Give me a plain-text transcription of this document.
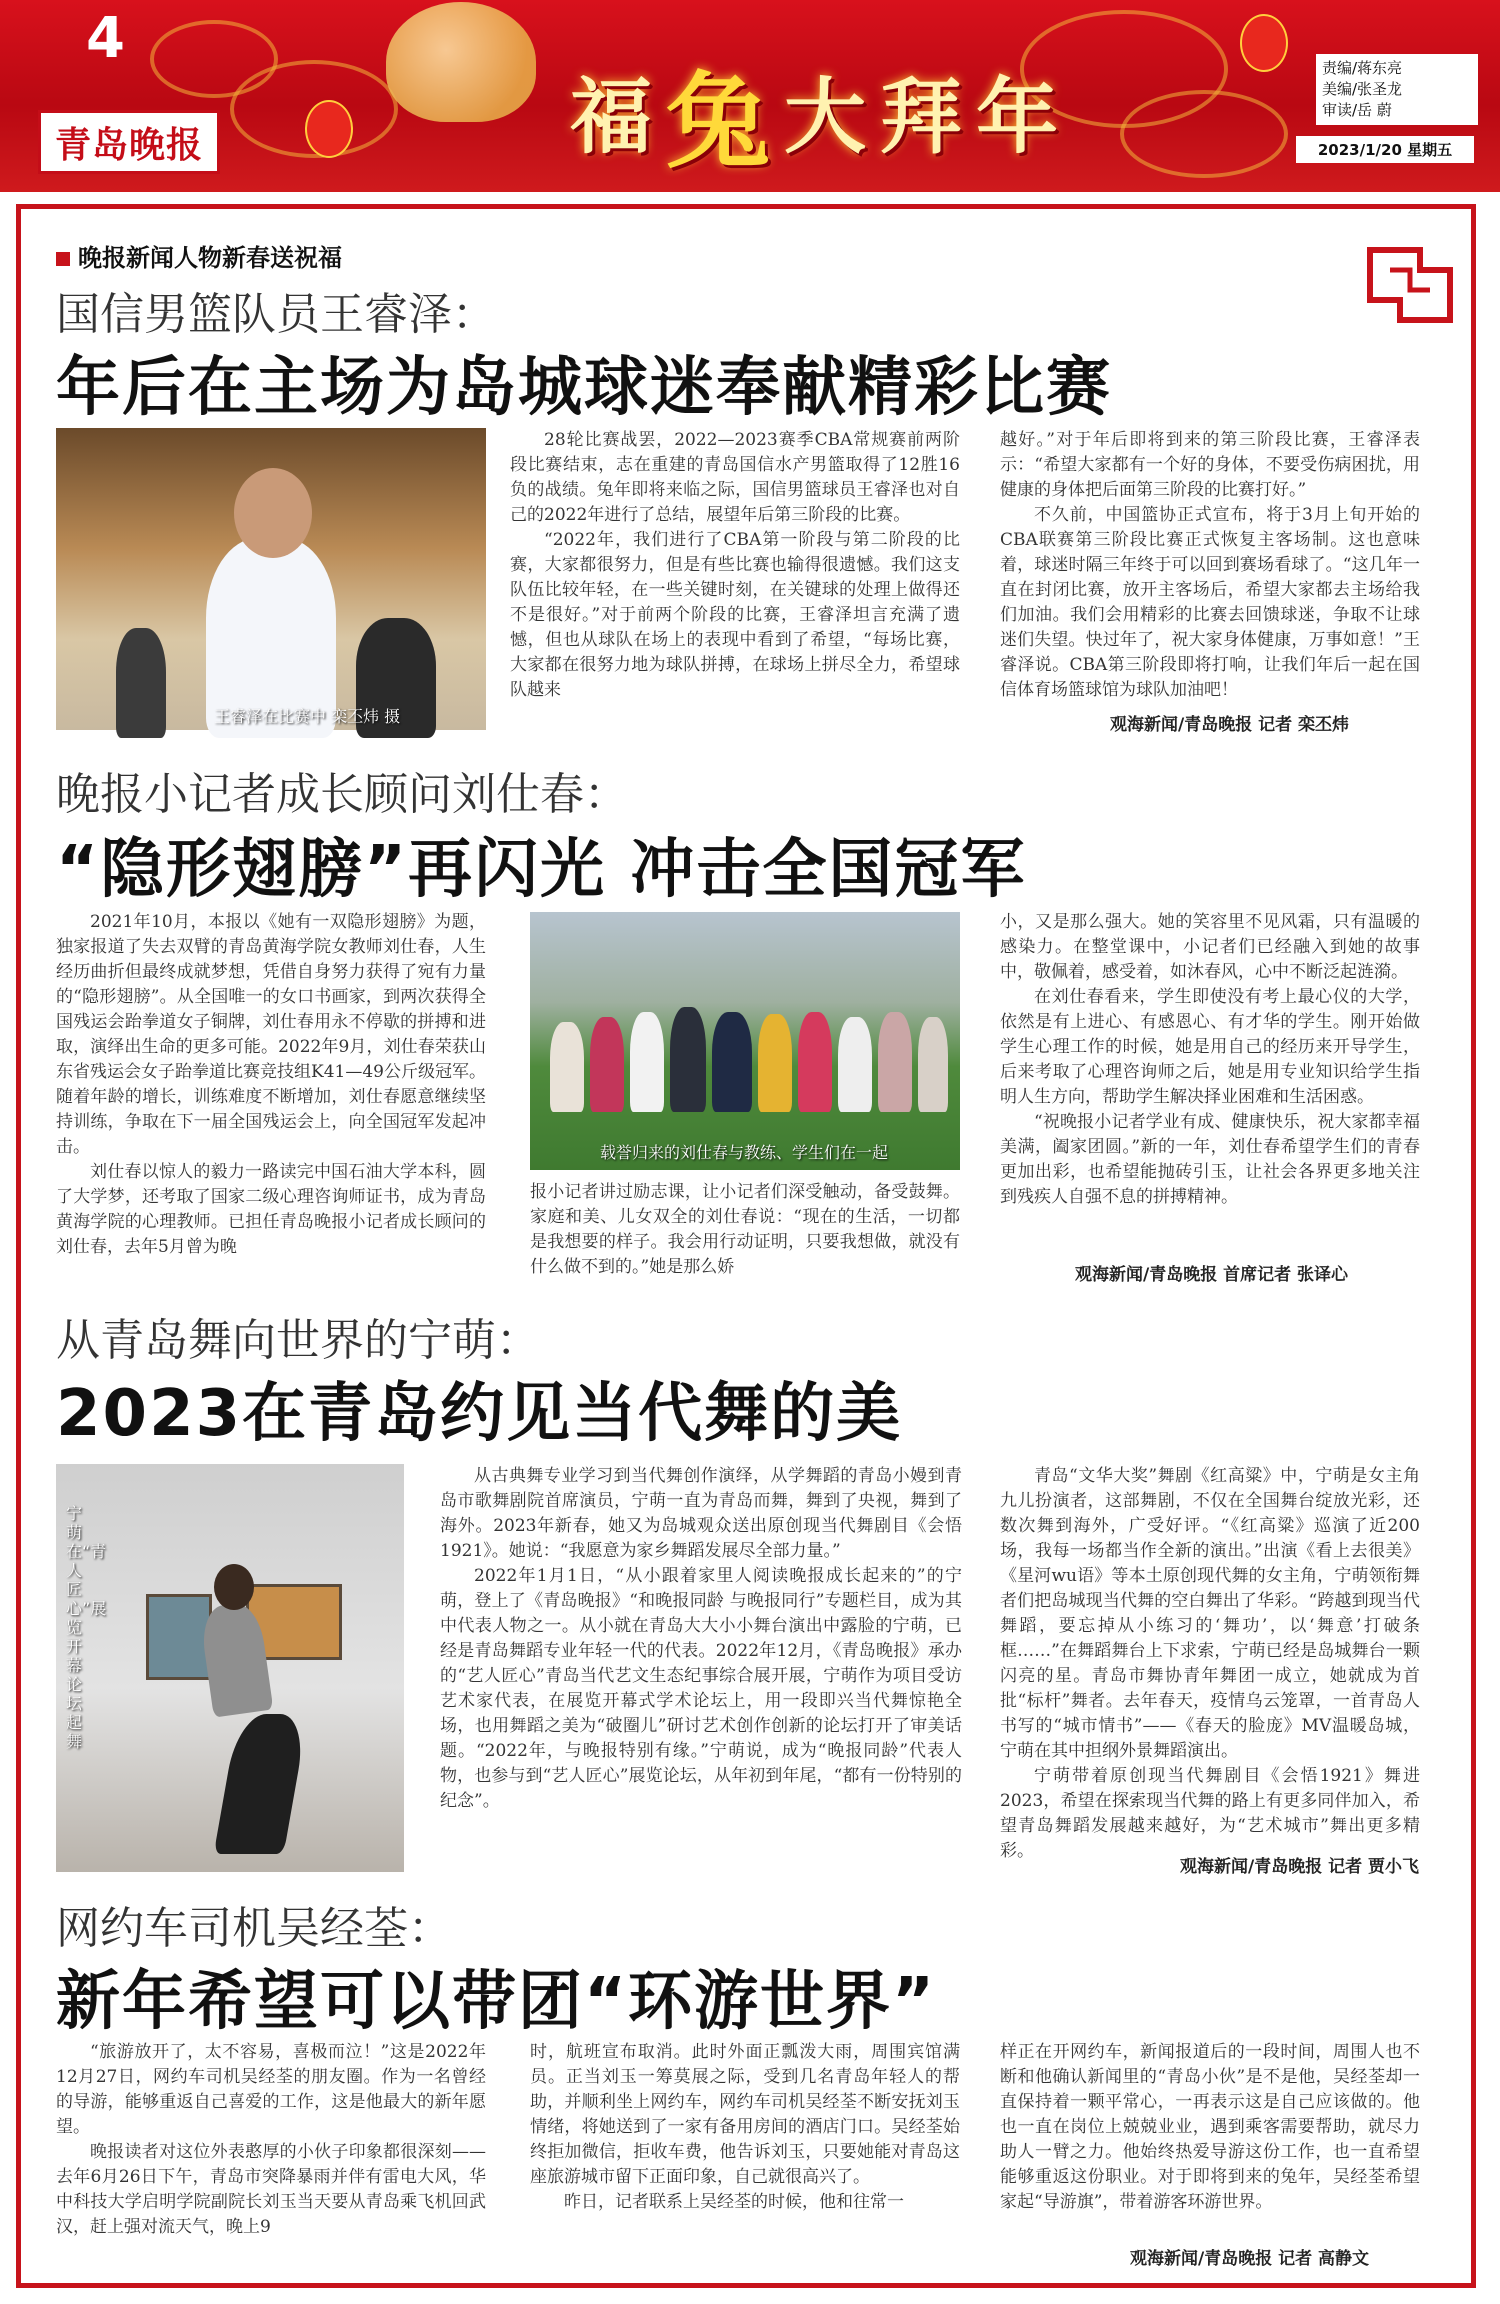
4
青岛晚报	福 兔 大 拜 年
责编/蒋东亮
美编/张圣龙
审读/岳 蔚
2023/1/20 星期五
晚报新闻人物新春送祝福
国信男篮队员王睿泽：
年后在主场为岛城球迷奉献精彩比赛
王睿泽在比赛中 栾丕炜 摄

28轮比赛战罢，2022—2023赛季CBA常规赛前两阶段比赛结束，志在重建的青岛国信水产男篮取得了12胜16负的战绩。兔年即将来临之际，国信男篮球员王睿泽也对自己的2022年进行了总结，展望年后第三阶段的比赛。

“2022年，我们进行了CBA第一阶段与第二阶段的比赛，大家都很努力，但是有些比赛也输得很遗憾。我们这支队伍比较年轻，在一些关键时刻，在关键球的处理上做得还不是很好。”对于前两个阶段的比赛，王睿泽坦言充满了遗憾，但也从球队在场上的表现中看到了希望，“每场比赛，大家都在很努力地为球队拼搏，在球场上拼尽全力，希望球队越来

越好。”对于年后即将到来的第三阶段比赛，王睿泽表示：“希望大家都有一个好的身体，不要受伤病困扰，用健康的身体把后面第三阶段的比赛打好。”

不久前，中国篮协正式宣布，将于3月上旬开始的CBA联赛第三阶段比赛正式恢复主客场制。这也意味着，球迷时隔三年终于可以回到赛场看球了。“这几年一直在封闭比赛，放开主客场后，希望大家都去主场给我们加油。我们会用精彩的比赛去回馈球迷，争取不让球迷们失望。快过年了，祝大家身体健康，万事如意！”王睿泽说。CBA第三阶段即将打响，让我们年后一起在国信体育场篮球馆为球队加油吧！

观海新闻/青岛晚报 记者 栾丕炜
晚报小记者成长顾问刘仕春：
“隐形翅膀”再闪光 冲击全国冠军

2021年10月，本报以《她有一双隐形翅膀》为题，独家报道了失去双臂的青岛黄海学院女教师刘仕春，人生经历曲折但最终成就梦想，凭借自身努力获得了宛有力量的“隐形翅膀”。从全国唯一的女口书画家，到两次获得全国残运会跆拳道女子铜牌，刘仕春用永不停歇的拼搏和进取，演绎出生命的更多可能。2022年9月，刘仕春荣获山东省残运会女子跆拳道比赛竞技组K41—49公斤级冠军。随着年龄的增长，训练难度不断增加，刘仕春愿意继续坚持训练，争取在下一届全国残运会上，向全国冠军发起冲击。

刘仕春以惊人的毅力一路读完中国石油大学本科，圆了大学梦，还考取了国家二级心理咨询师证书，成为青岛黄海学院的心理教师。已担任青岛晚报小记者成长顾问的刘仕春，去年5月曾为晚

载誉归来的刘仕春与教练、学生们在一起

报小记者讲过励志课，让小记者们深受触动，备受鼓舞。家庭和美、儿女双全的刘仕春说：“现在的生活，一切都是我想要的样子。我会用行动证明，只要我想做，就没有什么做不到的。”她是那么娇

小，又是那么强大。她的笑容里不见风霜，只有温暖的感染力。在整堂课中，小记者们已经融入到她的故事中，敬佩着，感受着，如沐春风，心中不断泛起涟漪。

在刘仕春看来，学生即使没有考上最心仪的大学，依然是有上进心、有感恩心、有才华的学生。刚开始做学生心理工作的时候，她是用自己的经历来开导学生，后来考取了心理咨询师之后，她是用专业知识给学生指明人生方向，帮助学生解决择业困难和生活困惑。

“祝晚报小记者学业有成、健康快乐，祝大家都幸福美满，阖家团圆。”新的一年，刘仕春希望学生们的青春更加出彩，也希望能抛砖引玉，让社会各界更多地关注到残疾人自强不息的拼搏精神。

观海新闻/青岛晚报 首席记者 张译心
从青岛舞向世界的宁萌：
2023在青岛约见当代舞的美
宁萌在“青人匠心”展览开幕论坛起舞

从古典舞专业学习到当代舞创作演绎，从学舞蹈的青岛小嫚到青岛市歌舞剧院首席演员，宁萌一直为青岛而舞，舞到了央视，舞到了海外。2023年新春，她又为岛城观众送出原创现当代舞剧目《会悟1921》。她说：“我愿意为家乡舞蹈发展尽全部力量。”

2022年1月1日，“从小跟着家里人阅读晚报成长起来的”的宁萌，登上了《青岛晚报》“和晚报同龄 与晚报同行”专题栏目，成为其中代表人物之一。从小就在青岛大大小小舞台演出中露脸的宁萌，已经是青岛舞蹈专业年轻一代的代表。2022年12月，《青岛晚报》承办的“艺人匠心”青岛当代艺文生态纪事综合展开展，宁萌作为项目受访艺术家代表，在展览开幕式学术论坛上，用一段即兴当代舞惊艳全场，也用舞蹈之美为“破圈儿”研讨艺术创作创新的论坛打开了审美话题。“2022年，与晚报特别有缘。”宁萌说，成为“晚报同龄”代表人物，也参与到“艺人匠心”展览论坛，从年初到年尾，“都有一份特别的纪念”。

青岛“文华大奖”舞剧《红高粱》中，宁萌是女主角九儿扮演者，这部舞剧，不仅在全国舞台绽放光彩，还数次舞到海外，广受好评。“《红高粱》巡演了近200场，我每一场都当作全新的演出。”出演《看上去很美》《星河wu语》等本土原创现代舞的女主角，宁萌领衔舞者们把岛城现当代舞的空白舞出了华彩。“跨越到现当代舞蹈，要忘掉从小练习的‘舞功’，以‘舞意’打破条框……”在舞蹈舞台上下求索，宁萌已经是岛城舞台一颗闪亮的星。青岛市舞协青年舞团一成立，她就成为首批“标杆”舞者。去年春天，疫情乌云笼罩，一首青岛人书写的“城市情书”——《春天的脸庞》MV温暖岛城，宁萌在其中担纲外景舞蹈演出。

宁萌带着原创现当代舞剧目《会悟1921》舞进2023，希望在探索现当代舞的路上有更多同伴加入，希望青岛舞蹈发展越来越好，为“艺术城市”舞出更多精彩。

观海新闻/青岛晚报 记者 贾小飞
网约车司机吴经荃：
新年希望可以带团“环游世界”

“旅游放开了，太不容易，喜极而泣！”这是2022年12月27日，网约车司机吴经荃的朋友圈。作为一名曾经的导游，能够重返自己喜爱的工作，这是他最大的新年愿望。

晚报读者对这位外表憨厚的小伙子印象都很深刻——去年6月26日下午，青岛市突降暴雨并伴有雷电大风，华中科技大学启明学院副院长刘玉当天要从青岛乘飞机回武汉，赶上强对流天气，晚上9

时，航班宣布取消。此时外面正瓢泼大雨，周围宾馆满员。正当刘玉一筹莫展之际，受到几名青岛年轻人的帮助，并顺利坐上网约车，网约车司机吴经荃不断安抚刘玉情绪，将她送到了一家有备用房间的酒店门口。吴经荃始终拒加微信，拒收车费，他告诉刘玉，只要她能对青岛这座旅游城市留下正面印象，自己就很高兴了。

昨日，记者联系上吴经荃的时候，他和往常一

样正在开网约车，新闻报道后的一段时间，周围人也不断和他确认新闻里的“青岛小伙”是不是他，吴经荃却一直保持着一颗平常心，一再表示这是自己应该做的。他也一直在岗位上兢兢业业，遇到乘客需要帮助，就尽力助人一臂之力。他始终热爱导游这份工作，也一直希望能够重返这份职业。对于即将到来的兔年，吴经荃希望家起“导游旗”，带着游客环游世界。

观海新闻/青岛晚报 记者 高静文
